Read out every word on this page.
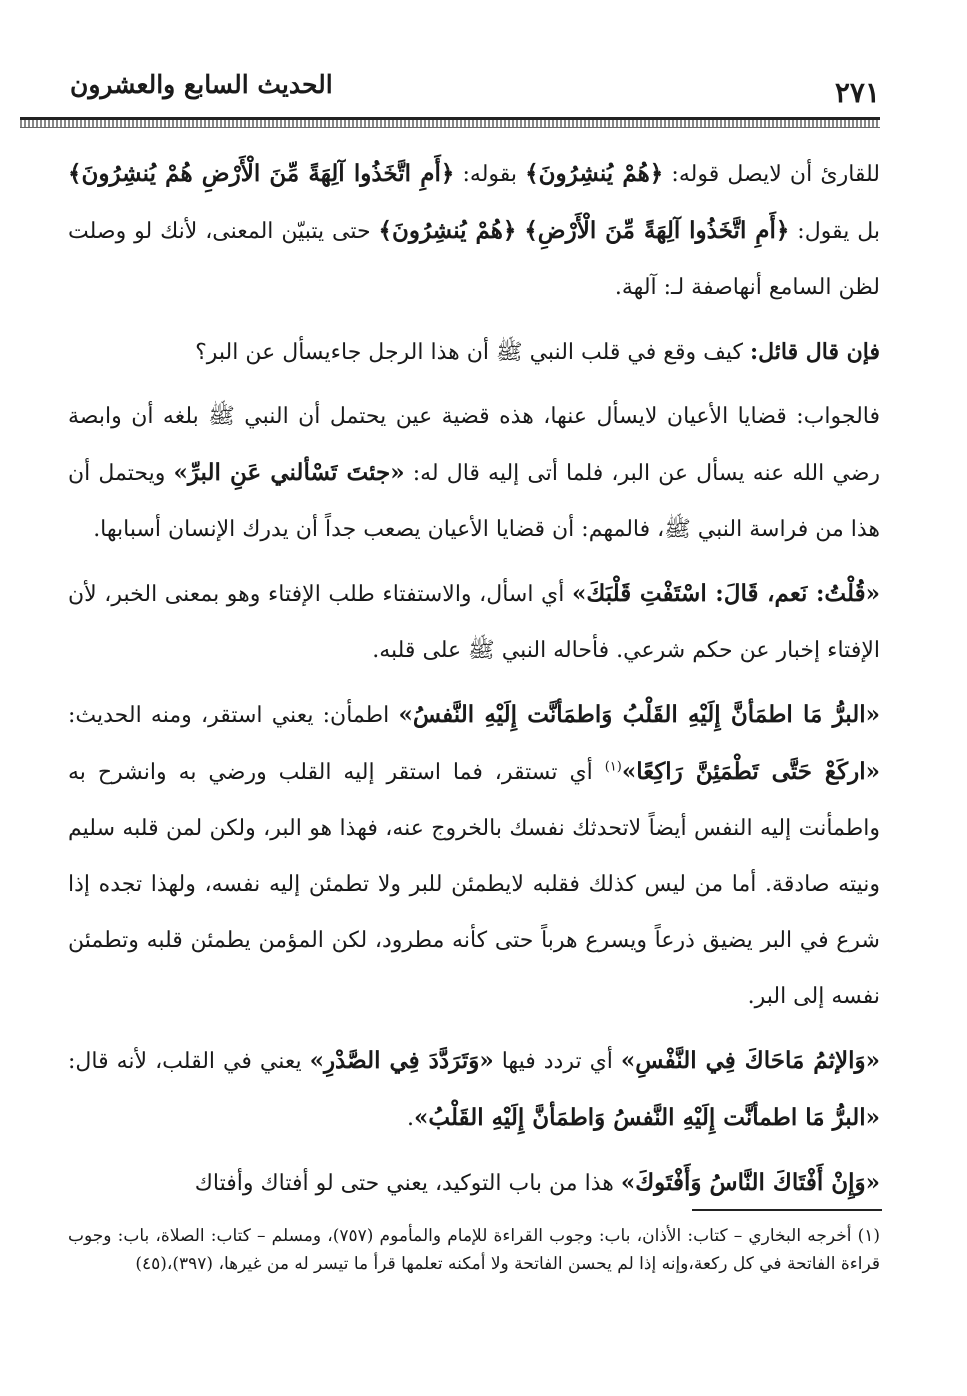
٢٧١
الحديث السابع والعشرون

للقارئ أن لايصل قوله: ﴿هُمْ يُنشِرُونَ﴾ بقوله: ﴿أَمِ اتَّخَذُوا آلِهَةً مِّنَ الْأَرْضِ هُمْ يُنشِرُونَ﴾ بل يقول: ﴿أَمِ اتَّخَذُوا آلِهَةً مِّنَ الْأَرْضِ﴾ ﴿هُمْ يُنشِرُونَ﴾ حتى يتبيّن المعنى، لأنك لو وصلت لظن السامع أنهاصفة لـ: آلهة.

فإن قال قائل: كيف وقع في قلب النبي ﷺ أن هذا الرجل جاءيسأل عن البر؟

فالجواب: قضايا الأعيان لايسأل عنها، هذه قضية عين يحتمل أن النبي ﷺ بلغه أن وابصة رضي الله عنه يسأل عن البر، فلما أتى إليه قال له: «جئتَ تَسْألني عَنِ البرِّ» ويحتمل أن هذا من فراسة النبي ﷺ، فالمهم: أن قضايا الأعيان يصعب جداً أن يدرك الإنسان أسبابها.

«قُلْتُ: نَعم، قَالَ: اسْتَفْتِ قَلْبَكَ» أي اسأل، والاستفتاء طلب الإفتاء وهو بمعنى الخبر، لأن الإفتاء إخبار عن حكم شرعي. فأحاله النبي ﷺ على قلبه.

«البرُّ مَا اطمَأنَّ إِلَيْهِ القَلْبُ وَاطمَأنَّت إِلَيْهِ النَّفسُ» اطمأن: يعني استقر، ومنه الحديث: «اركَعْ حَتَّى تَطْمَئِنَّ رَاكِعًا»$^{(١)}$ أي تستقر، فما استقر إليه القلب ورضي به وانشرح به واطمأنت إليه النفس أيضاً لاتحدثك نفسك بالخروج عنه، فهذا هو البر، ولكن لمن قلبه سليم ونيته صادقة. أما من ليس كذلك فقلبه لايطمئن للبر ولا تطمئن إليه نفسه، ولهذا تجده إذا شرع في البر يضيق ذرعاً ويسرع هرباً حتى كأنه مطرود، لكن المؤمن يطمئن قلبه وتطمئن نفسه إلى البر.

«وَالإثمُ مَاحَاكَ فِي النَّفْسِ» أي تردد فيها «وَتَرَدَّدَ فِي الصَّدْرِ» يعني في القلب، لأنه قال: «البرُّ مَا اطمأنَّت إِلَيْهِ النَّفسُ وَاطمَأنَّ إِلَيْهِ القَلْبُ».

«وَإِنْ أَفْتَاكَ النَّاسُ وَأَفْتَوكَ» هذا من باب التوكيد، يعني حتى لو أفتاك وأفتاك

(١) أخرجه البخاري – كتاب: الأذان، باب: وجوب القراءة للإمام والمأموم (٧٥٧)، ومسلم – كتاب: الصلاة، باب: وجوب قراءة الفاتحة في كل ركعة،وإنه إذا لم يحسن الفاتحة ولا أمكنه تعلمها قرأ ما تيسر له من غيرها، (٣٩٧)،(٤٥)
